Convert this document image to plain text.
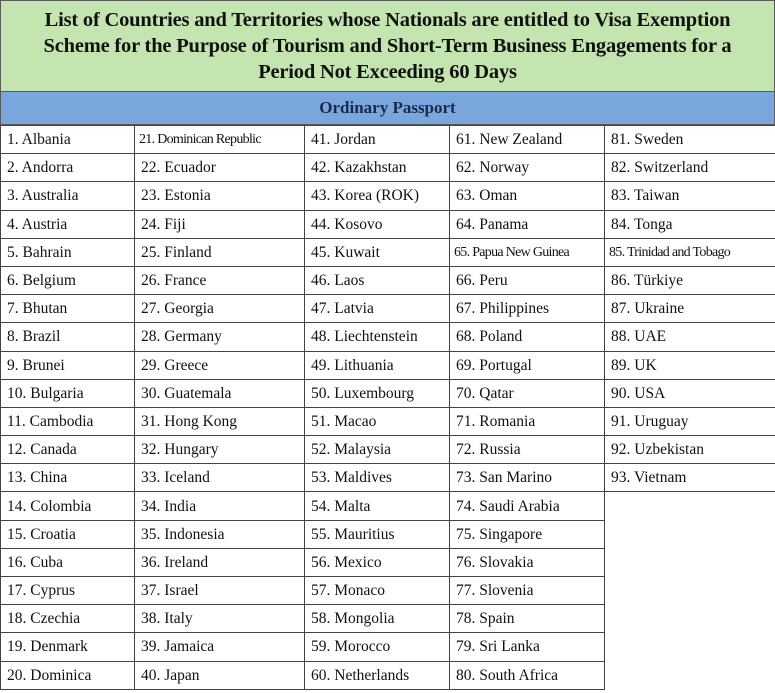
List of Countries and Territories whose Nationals are entitled to Visa Exemption Scheme for the Purpose of Tourism and Short-Term Business Engagements for a Period Not Exceeding 60 Days
Ordinary Passport
1. Albania	21. Dominican Republic	41. Jordan	61. New Zealand	81. Sweden
2. Andorra	22. Ecuador	42. Kazakhstan	62. Norway	82. Switzerland
3. Australia	23. Estonia	43. Korea (ROK)	63. Oman	83. Taiwan
4. Austria	24. Fiji	44. Kosovo	64. Panama	84. Tonga
5. Bahrain	25. Finland	45. Kuwait	65. Papua New Guinea	85. Trinidad and Tobago
6. Belgium	26. France	46. Laos	66. Peru	86. Türkiye
7. Bhutan	27. Georgia	47. Latvia	67. Philippines	87. Ukraine
8. Brazil	28. Germany	48. Liechtenstein	68. Poland	88. UAE
9. Brunei	29. Greece	49. Lithuania	69. Portugal	89. UK
10. Bulgaria	30. Guatemala	50. Luxembourg	70. Qatar	90. USA
11. Cambodia	31. Hong Kong	51. Macao	71. Romania	91. Uruguay
12. Canada	32. Hungary	52. Malaysia	72. Russia	92. Uzbekistan
13. China	33. Iceland	53. Maldives	73. San Marino	93. Vietnam
14. Colombia	34. India	54. Malta	74. Saudi Arabia	
15. Croatia	35. Indonesia	55. Mauritius	75. Singapore	
16. Cuba	36. Ireland	56. Mexico	76. Slovakia	
17. Cyprus	37. Israel	57. Monaco	77. Slovenia	
18. Czechia	38. Italy	58. Mongolia	78. Spain	
19. Denmark	39. Jamaica	59. Morocco	79. Sri Lanka	
20. Dominica	40. Japan	60. Netherlands	80. South Africa	
